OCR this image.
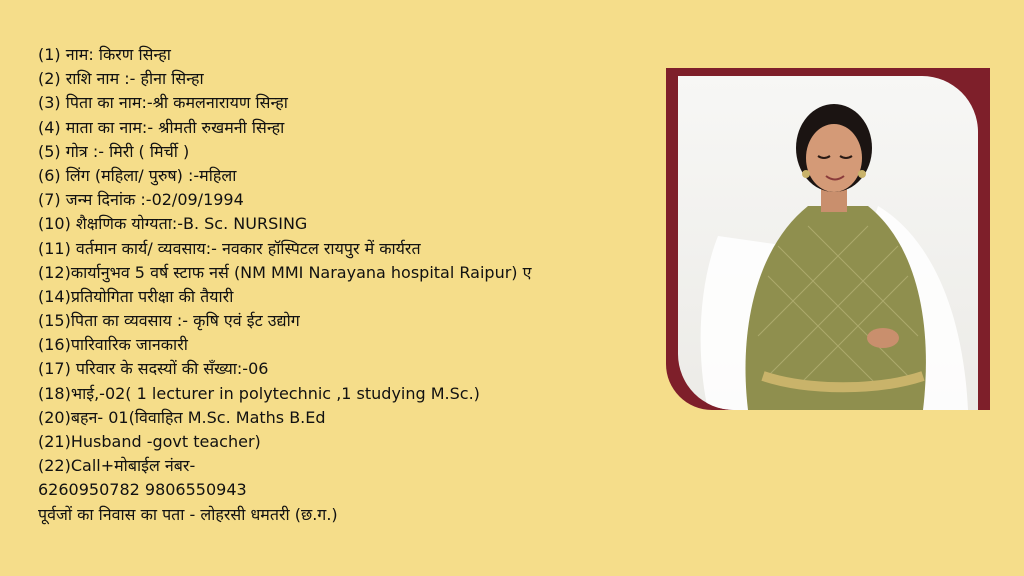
(1) नाम: किरण सिन्हा
(2) राशि नाम :- हीना सिन्हा
(3) पिता का नाम:-श्री कमलनारायण सिन्हा
(4) माता का नाम:- श्रीमती रुखमनी सिन्हा
(5) गोत्र :- मिरी ( मिर्ची )
(6) लिंग (महिला/ पुरुष) :-महिला
(7) जन्म दिनांक :-02/09/1994
(10) शैक्षणिक योग्यता:-B. Sc. NURSING
(11) वर्तमान कार्य/ व्यवसाय:- नवकार हॉस्पिटल रायपुर में कार्यरत
(12)कार्यानुभव 5 वर्ष स्टाफ नर्स (NM MMI Narayana hospital Raipur) ए
(14)प्रतियोगिता परीक्षा की तैयारी
(15)पिता का व्यवसाय :- कृषि एवं ईट उद्योग
(16)पारिवारिक जानकारी
(17) परिवार के सदस्यों की सँख्या:-06
(18)भाई,-02( 1 lecturer in polytechnic ,1 studying M.Sc.)
(20)बहन- 01(विवाहित M.Sc. Maths B.Ed
(21)Husband -govt teacher)
(22)Call+मोबाईल नंबर-
6260950782 9806550943
पूर्वजों का निवास का पता - लोहरसी धमतरी (छ.ग.)
